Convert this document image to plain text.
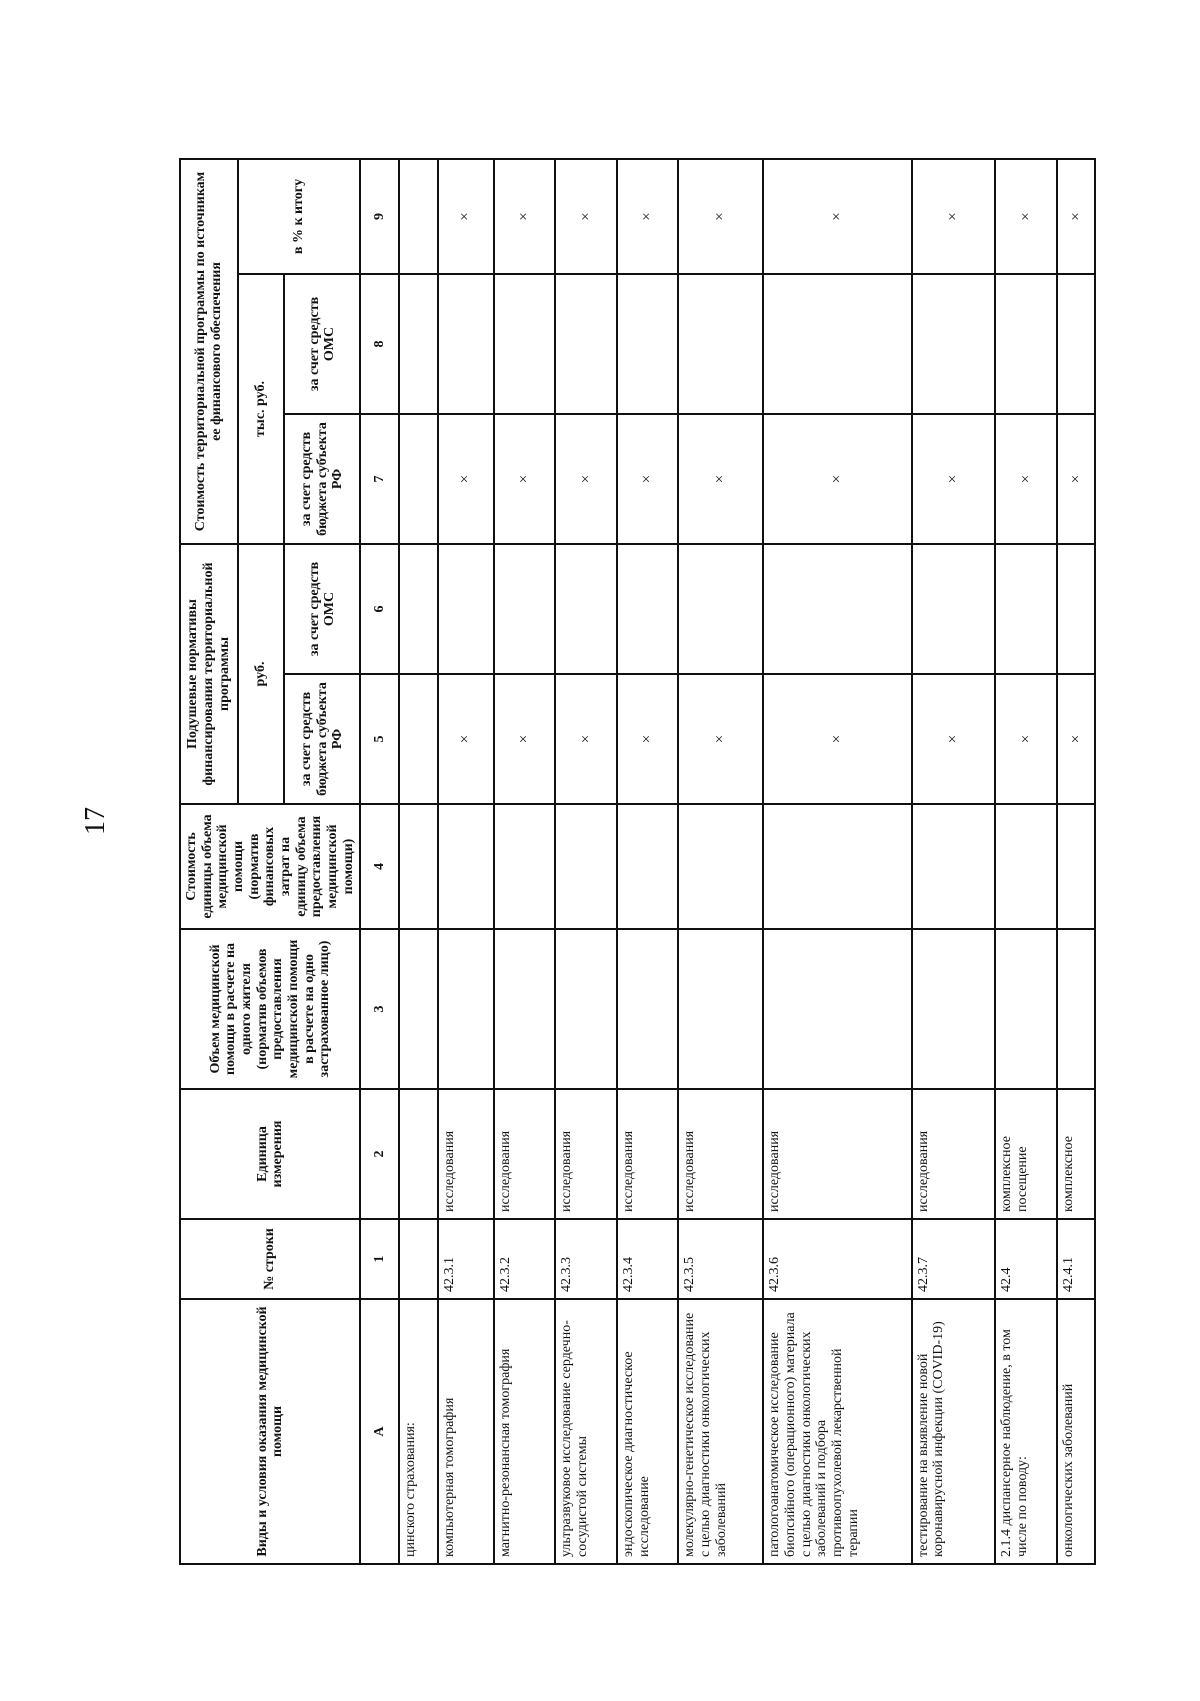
17
Виды и условия оказания медицинской помощи	№ строки	Единица измерения	Объем медицинской помощи в расчете на одного жителя (норматив объемов предоставления медицинской помощи в расчете на одно застрахованное лицо)	Стоимость единицы объема медицинской помощи (норматив финансовых затрат на единицу объема предоставления медицинской помощи)	Подушевые нормативы финансирования территориальной программы		Стоимость территориальной программы по источникам ее финансового обеспечения		
					руб.		тыс. руб.		в % к итогу
					за счет средств бюджета субъекта РФ	за счет средств ОМС	за счет средств бюджета субъекта РФ	за счет средств ОМС	
А	1	2	3	4	5	6	7	8	9
цинского страхования:									
компьютерная томография	42.3.1	исследования			×		×		×
магнитно-резонансная томография	42.3.2	исследования			×		×		×
ультразвуковое исследование сердечно-сосудистой системы	42.3.3	исследования			×		×		×
эндоскопическое диагностическое исследование	42.3.4	исследования			×		×		×
молекулярно-генетическое исследование с целью диагностики онкологических заболеваний	42.3.5	исследования			×		×		×
патологоанатомическое исследование биопсийного (операционного) материала с целью диагностики онкологических заболеваний и подбора противоопухолевой лекарственной терапии	42.3.6	исследования			×		×		×
тестирование на выявление новой коронавирусной инфекции (COVID-19)	42.3.7	исследования			×		×		×
2.1.4 диспансерное наблюдение, в том числе по поводу:	42.4	комплексное посещение			×		×		×
онкологических заболеваний	42.4.1	комплексное			×		×		×
